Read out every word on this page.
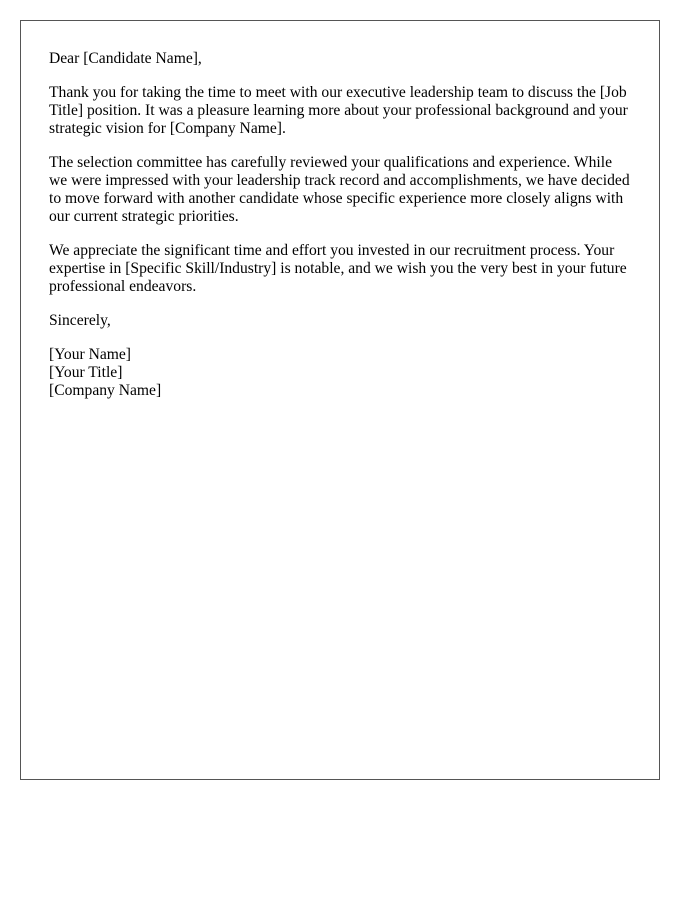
Dear [Candidate Name],

Thank you for taking the time to meet with our executive leadership team to discuss the [Job Title] position. It was a pleasure learning more about your professional background and your strategic vision for [Company Name].

The selection committee has carefully reviewed your qualifications and experience. While we were impressed with your leadership track record and accomplishments, we have decided to move forward with another candidate whose specific experience more closely aligns with our current strategic priorities.

We appreciate the significant time and effort you invested in our recruitment process. Your expertise in [Specific Skill/Industry] is notable, and we wish you the very best in your future professional endeavors.

Sincerely,

[Your Name]
[Your Title]
[Company Name]
